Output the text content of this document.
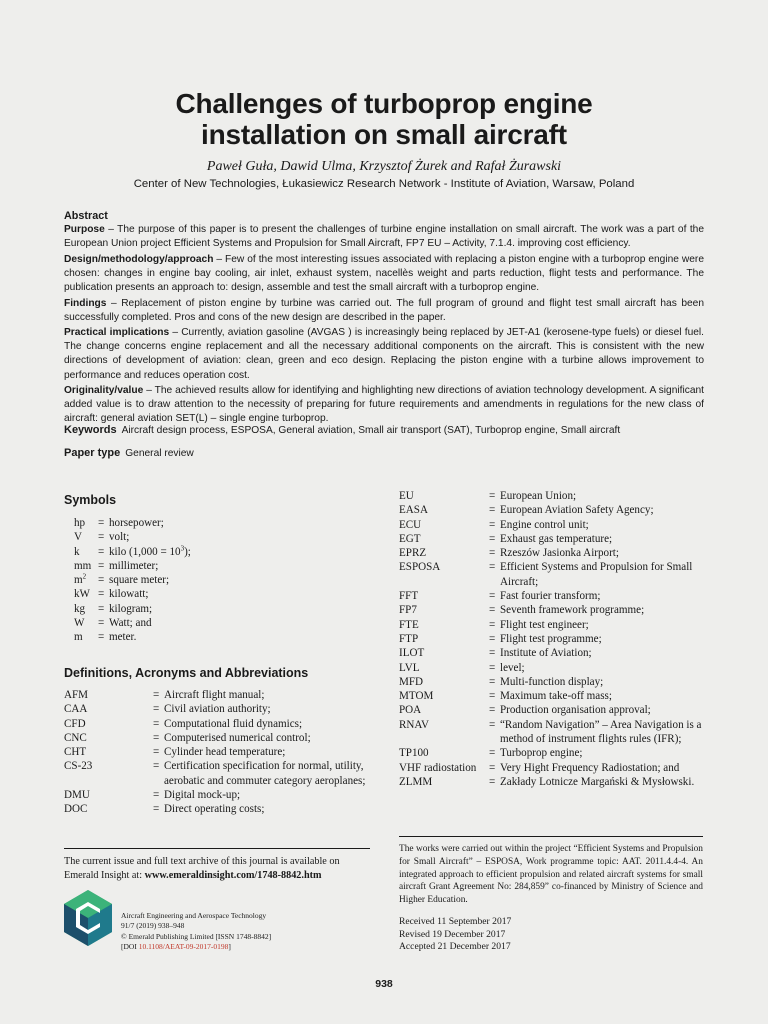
Challenges of turboprop engine
installation on small aircraft
Paweł Guła, Dawid Ulma, Krzysztof Żurek and Rafał Żurawski
Center of New Technologies, Łukasiewicz Research Network - Institute of Aviation, Warsaw, Poland
Abstract

Purpose – The purpose of this paper is to present the challenges of turbine engine installation on small aircraft. The work was a part of the European Union project Efficient Systems and Propulsion for Small Aircraft, FP7 EU – Activity, 7.1.4. improving cost efficiency.

Design/methodology/approach – Few of the most interesting issues associated with replacing a piston engine with a turboprop engine were chosen: changes in engine bay cooling, air inlet, exhaust system, nacellès weight and parts reduction, flight tests and performance. The publication presents an approach to: design, assemble and test the small aircraft with a turboprop engine.

Findings – Replacement of piston engine by turbine was carried out. The full program of ground and flight test small aircraft has been successfully completed. Pros and cons of the new design are described in the paper.

Practical implications – Currently, aviation gasoline (AVGAS ) is increasingly being replaced by JET-A1 (kerosene-type fuels) or diesel fuel. The change concerns engine replacement and all the necessary additional components on the aircraft. This is consistent with the new directions of development of aviation: clean, green and eco design. Replacing the piston engine with a turbine allows improvement to performance and reduces operation cost.

Originality/value – The achieved results allow for identifying and highlighting new directions of aviation technology development. A significant added value is to draw attention to the necessity of preparing for future requirements and amendments in regulations for the new class of aircraft: general aviation SET(L) – single engine turboprop.

Keywords Aircraft design process, ESPOSA, General aviation, Small air transport (SAT), Turboprop engine, Small aircraft
Paper type General review
Symbols
hp	= horsepower;
V	= volt;
k	= kilo $(1,000 = 10^3)$;
mm = millimeter;
$m^2$	= square meter;
kW = kilowatt;
kg	= kilogram;
W	= Watt; and
m	= meter.
Definitions, Acronyms and Abbreviations
AFM	= Aircraft flight manual;
CAA	= Civil aviation authority;
CFD	= Computational fluid dynamics;
CNC	= Computerised numerical control;
CHT	= Cylinder head temperature;
CS-23	= Certification specification for normal, utility, aerobatic and commuter category aeroplanes;
DMU	= Digital mock-up;
DOC	= Direct operating costs;
EU	= European Union;
EASA	= European Aviation Safety Agency;
ECU	= Engine control unit;
EGT	= Exhaust gas temperature;
EPRZ	= Rzeszów Jasionka Airport;
ESPOSA	= Efficient Systems and Propulsion for Small Aircraft;
FFT	= Fast fourier transform;
FP7	= Seventh framework programme;
FTE	= Flight test engineer;
FTP	= Flight test programme;
ILOT	= Institute of Aviation;
LVL	= level;
MFD	= Multi-function display;
MTOM	= Maximum take-off mass;
POA	= Production organisation approval;
RNAV	= “Random Navigation” – Area Navigation is a method of instrument flights rules (IFR);
TP100	= Turboprop engine;
VHF radiostation	= Very Hight Frequency Radiostation; and
ZLMM	= Zakłady Lotnicze Margański & Mysłowski.
The current issue and full text archive of this journal is available on Emerald Insight at: www.emeraldinsight.com/1748-8842.htm
Aircraft Engineering and Aerospace Technology
91/7 (2019) 938–948
© Emerald Publishing Limited [ISSN 1748-8842]
[DOI 10.1108/AEAT-09-2017-0198]
The works were carried out within the project “Efficient Systems and Propulsion for Small Aircraft” – ESPOSA, Work programme topic: AAT. 2011.4.4-4. An integrated approach to efficient propulsion and related aircraft systems for small aircraft Grant Agreement No: 284,859” co-financed by Ministry of Science and Higher Education.
Received 11 September 2017
Revised 19 December 2017
Accepted 21 December 2017
938
